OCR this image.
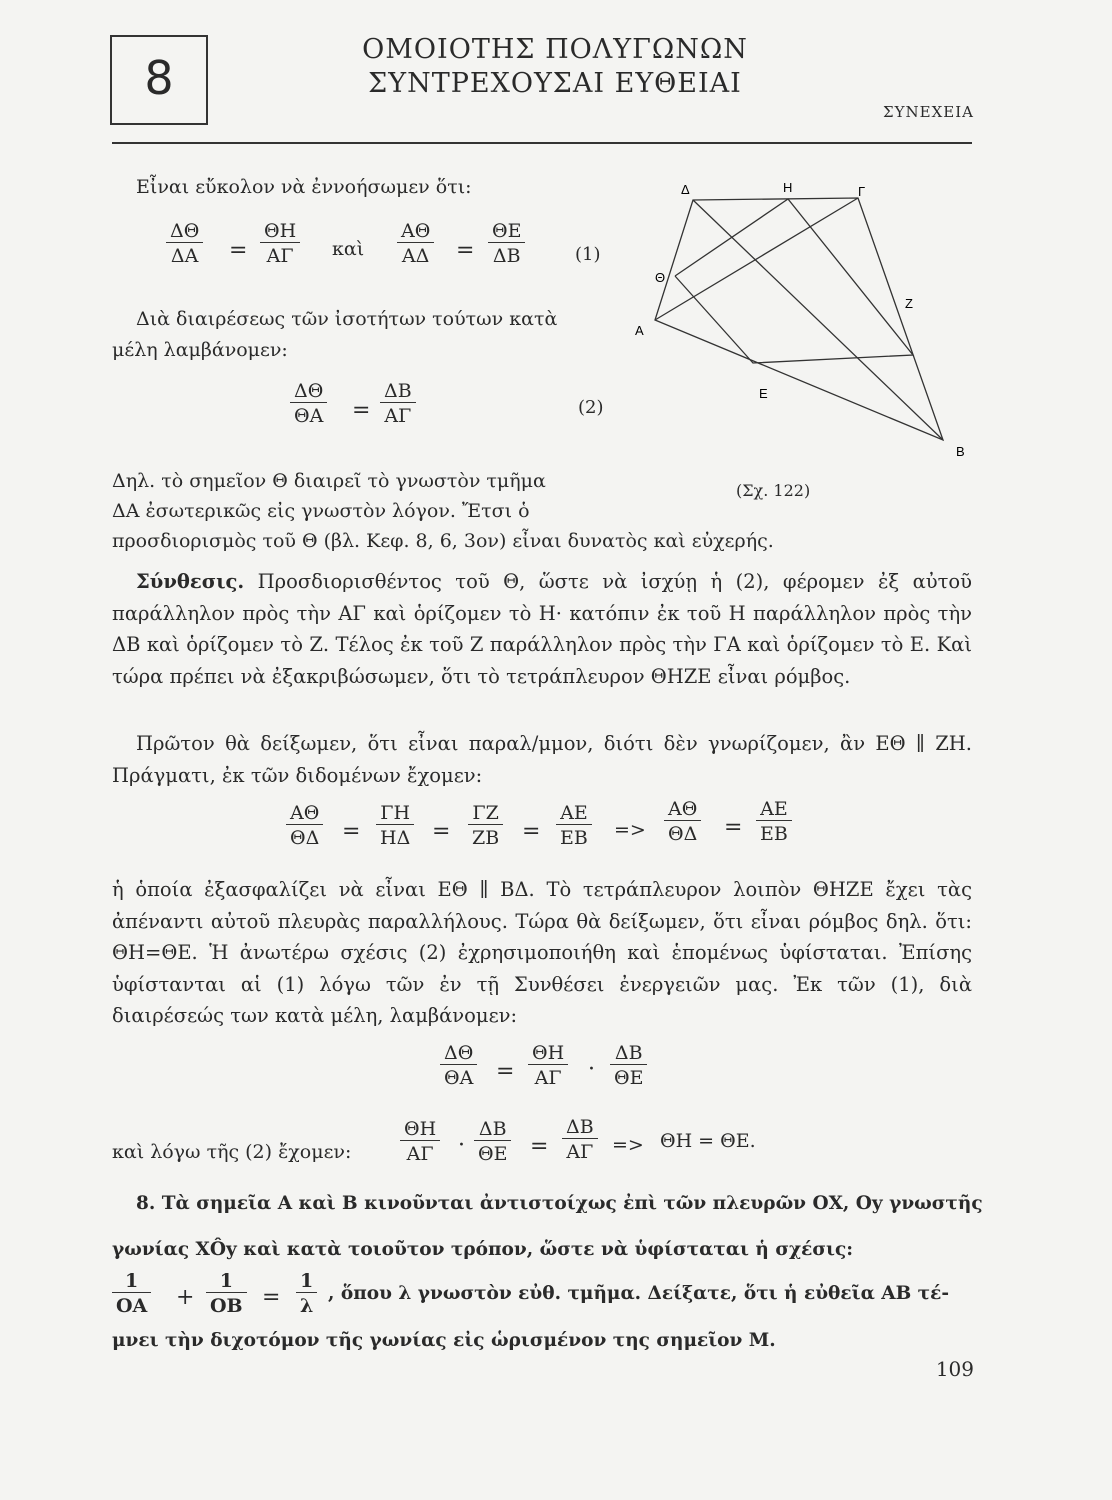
8
ΟΜΟΙΟΤΗΣ ΠΟΛΥΓΩΝΩΝ
ΣΥΝΤΡΕΧΟΥΣΑΙ ΕΥΘΕΙΑΙ
ΣΥΝΕΧΕΙΑ
Δ	Η	Γ
Θ
Ζ
Α
Ε
Β
(Σχ. 122)
Εἶναι εὔκολον νὰ ἐννοήσωμεν ὅτι:
$\frac{\Delta\Theta}{\Delta A} = \frac{\Theta H}{A\Gamma}$ καὶ $\frac{A\Theta}{A\Delta} = \frac{\Theta E}{\Delta B}$	(1)
Διὰ διαιρέσεως τῶν ἰσοτήτων τούτων κατὰ
μέλη λαμβάνομεν:
$\frac{\Delta\Theta}{\Theta A} = \frac{\Delta B}{A\Gamma}$	(2)
Δηλ. τὸ σημεῖον Θ διαιρεῖ τὸ γνωστὸν τμῆμα
ΔΑ ἐσωτερικῶς εἰς γνωστὸν λόγον. Ἔτσι ὁ
προσδιορισμὸς τοῦ Θ (βλ. Κεφ. 8, 6, 3ον) εἶναι δυνατὸς καὶ εὐχερής.
Σύνθεσις. Προσδιορισθέντος τοῦ Θ, ὥστε νὰ ἰσχύῃ ἡ (2), φέρομεν ἐξ αὐτοῦ παράλληλον πρὸς τὴν ΑΓ καὶ ὁρίζομεν τὸ Η· κατόπιν ἐκ τοῦ Η παράλληλον πρὸς τὴν ΔΒ καὶ ὁρίζομεν τὸ Ζ. Τέλος ἐκ τοῦ Ζ παράλληλον πρὸς τὴν ΓΑ καὶ ὁρίζομεν τὸ Ε. Καὶ τώρα πρέπει νὰ ἐξακριβώσωμεν, ὅτι τὸ τετράπλευρον ΘΗΖΕ εἶναι ρόμβος.
Πρῶτον θὰ δείξωμεν, ὅτι εἶναι παραλ/μμον, διότι δὲν γνωρίζομεν, ἂν ΕΘ ∥ ΖΗ. Πράγματι, ἐκ τῶν διδομένων ἔχομεν:
$\frac{A\Theta}{\Theta\Delta} = \frac{\Gamma H}{H\Delta} = \frac{\Gamma Z}{ZB} = \frac{AE}{EB} => \frac{A\Theta}{\Theta\Delta} = \frac{AE}{EB}$
ἡ ὁποία ἐξασφαλίζει νὰ εἶναι ΕΘ ∥ ΒΔ. Τὸ τετράπλευρον λοιπὸν ΘΗΖΕ ἔχει τὰς ἀπέναντι αὐτοῦ πλευρὰς παραλλήλους. Τώρα θὰ δείξωμεν, ὅτι εἶναι ρόμβος δηλ. ὅτι: ΘΗ=ΘΕ. Ἡ ἀνωτέρω σχέσις (2) ἐχρησιμοποιήθη καὶ ἑπομένως ὑφίσταται. Ἐπίσης ὑφίστανται αἱ (1) λόγω τῶν ἐν τῇ Συνθέσει ἐνεργειῶν μας. Ἐκ τῶν (1), διὰ διαιρέσεώς των κατὰ μέλη, λαμβάνομεν:
$\frac{\Delta\Theta}{\Theta A} = \frac{\Theta H}{A\Gamma} \cdot \frac{\Delta B}{\Theta E}$
καὶ λόγω τῆς (2) ἔχομεν:	$\frac{\Theta H}{A\Gamma} \cdot \frac{\Delta B}{\Theta E} = \frac{\Delta B}{A\Gamma} => \Theta H = \Theta E$.
8. Τὰ σημεῖα Α καὶ Β κινοῦνται ἀντιστοίχως ἐπὶ τῶν πλευρῶν ΟΧ, Οy γνωστῆς
γωνίας ΧÔy καὶ κατὰ τοιοῦτον τρόπον, ὥστε νὰ ὑφίσταται ἡ σχέσις:
$\frac{1}{OA} + \frac{1}{OB} = \frac{1}{\lambda}$ , ὅπου λ γνωστὸν εὐθ. τμῆμα. Δείξατε, ὅτι ἡ εὐθεῖα ΑΒ τέ-
μνει τὴν διχοτόμον τῆς γωνίας εἰς ὡρισμένον της σημεῖον Μ.
109
